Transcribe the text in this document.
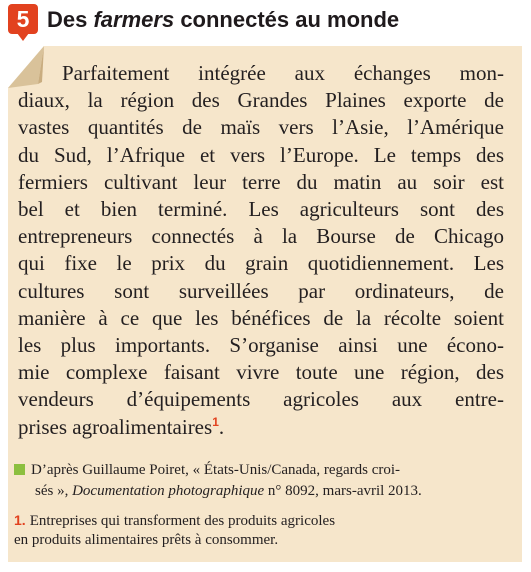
5 Des farmers connectés au monde

Parfaitement intégrée aux échanges mon-
diaux, la région des Grandes Plaines exporte de
vastes quantités de maïs vers l’Asie, l’Amérique
du Sud, l’Afrique et vers l’Europe. Le temps des
fermiers cultivant leur terre du matin au soir est
bel et bien terminé. Les agriculteurs sont des
entrepreneurs connectés à la Bourse de Chicago
qui fixe le prix du grain quotidiennement. Les
cultures sont surveillées par ordinateurs, de
manière à ce que les bénéfices de la récolte soient
les plus importants. S’organise ainsi une écono-
mie complexe faisant vivre toute une région, des
vendeurs d’équipements agricoles aux entre-
prises agroalimentaires$^1$.

D’après Guillaume Poiret, « États-Unis/Canada, regards croi-
sés », Documentation photographique n° 8092, mars-avril 2013.

1. Entreprises qui transforment des produits agricoles
en produits alimentaires prêts à consommer.
